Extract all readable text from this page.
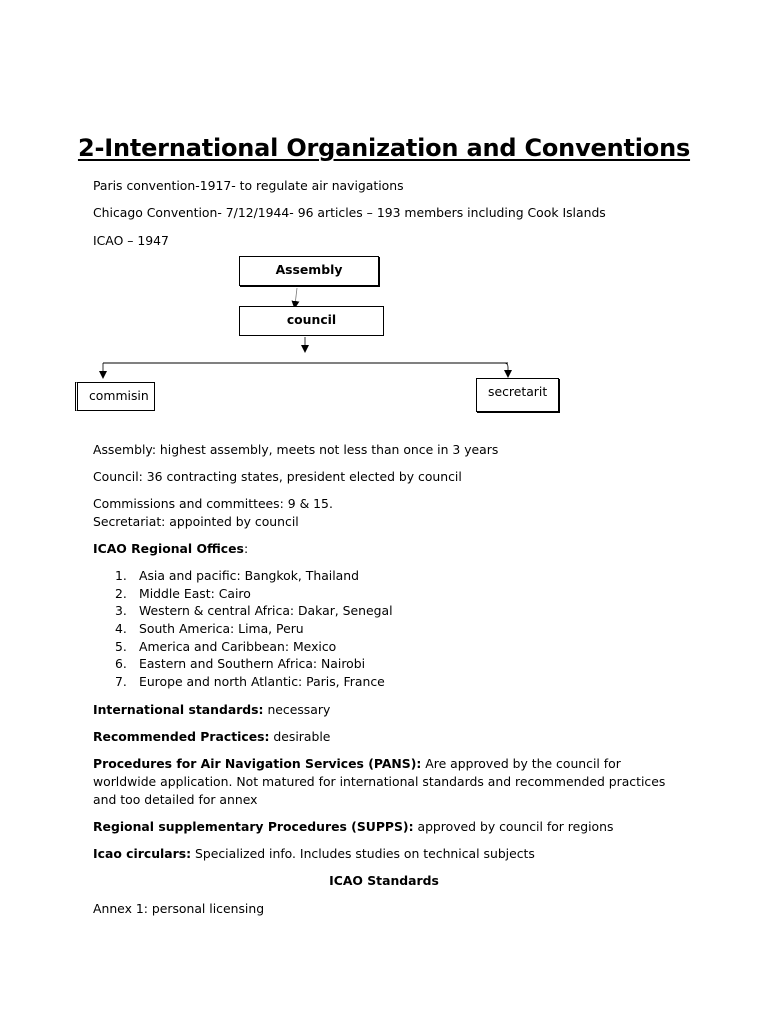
2-International Organization and Conventions
Paris convention-1917- to regulate air navigations
Chicago Convention- 7/12/1944- 96 articles – 193 members including Cook Islands
ICAO – 1947
Assembly
council
commisin	secretarit
Assembly: highest assembly, meets not less than once in 3 years
Council: 36 contracting states, president elected by council
Commissions and committees: 9 & 15.
Secretariat: appointed by council
ICAO Regional Offices:
1. Asia and pacific: Bangkok, Thailand
2. Middle East: Cairo
3. Western & central Africa: Dakar, Senegal
4. South America: Lima, Peru
5. America and Caribbean: Mexico
6. Eastern and Southern Africa: Nairobi
7. Europe and north Atlantic: Paris, France
International standards: necessary
Recommended Practices: desirable
Procedures for Air Navigation Services (PANS): Are approved by the council for worldwide application. Not matured for international standards and recommended practices and too detailed for annex
Regional supplementary Procedures (SUPPS): approved by council for regions
Icao circulars: Specialized info. Includes studies on technical subjects
ICAO Standards
Annex 1: personal licensing
